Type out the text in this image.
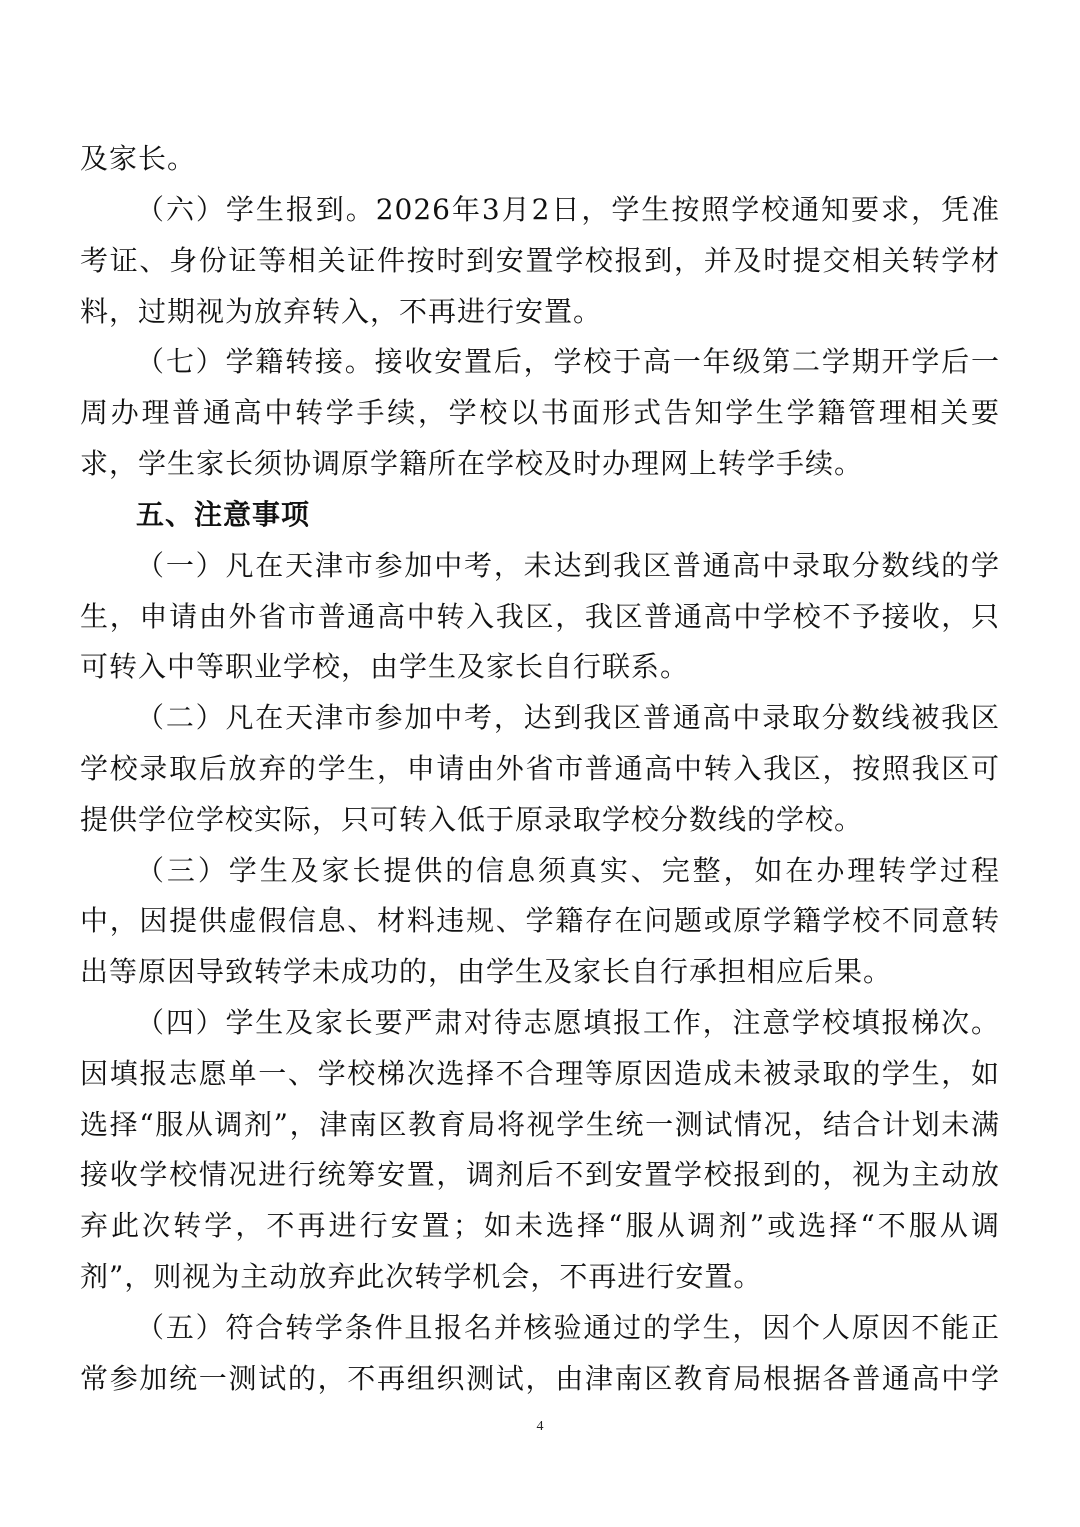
及家长。

（六）学生报到。2026年3月2日，学生按照学校通知要求，凭准

考证、身份证等相关证件按时到安置学校报到，并及时提交相关转学材

料，过期视为放弃转入，不再进行安置。

（七）学籍转接。接收安置后，学校于高一年级第二学期开学后一

周办理普通高中转学手续，学校以书面形式告知学生学籍管理相关要

求，学生家长须协调原学籍所在学校及时办理网上转学手续。

五、注意事项

（一）凡在天津市参加中考，未达到我区普通高中录取分数线的学

生，申请由外省市普通高中转入我区，我区普通高中学校不予接收，只

可转入中等职业学校，由学生及家长自行联系。

（二）凡在天津市参加中考，达到我区普通高中录取分数线被我区

学校录取后放弃的学生，申请由外省市普通高中转入我区，按照我区可

提供学位学校实际，只可转入低于原录取学校分数线的学校。

（三）学生及家长提供的信息须真实、完整，如在办理转学过程

中，因提供虚假信息、材料违规、学籍存在问题或原学籍学校不同意转

出等原因导致转学未成功的，由学生及家长自行承担相应后果。

（四）学生及家长要严肃对待志愿填报工作，注意学校填报梯次。

因填报志愿单一、学校梯次选择不合理等原因造成未被录取的学生，如

选择“服从调剂”，津南区教育局将视学生统一测试情况，结合计划未满

接收学校情况进行统筹安置，调剂后不到安置学校报到的，视为主动放

弃此次转学，不再进行安置；如未选择“服从调剂”或选择“不服从调

剂”，则视为主动放弃此次转学机会，不再进行安置。

（五）符合转学条件且报名并核验通过的学生，因个人原因不能正

常参加统一测试的，不再组织测试，由津南区教育局根据各普通高中学

4
